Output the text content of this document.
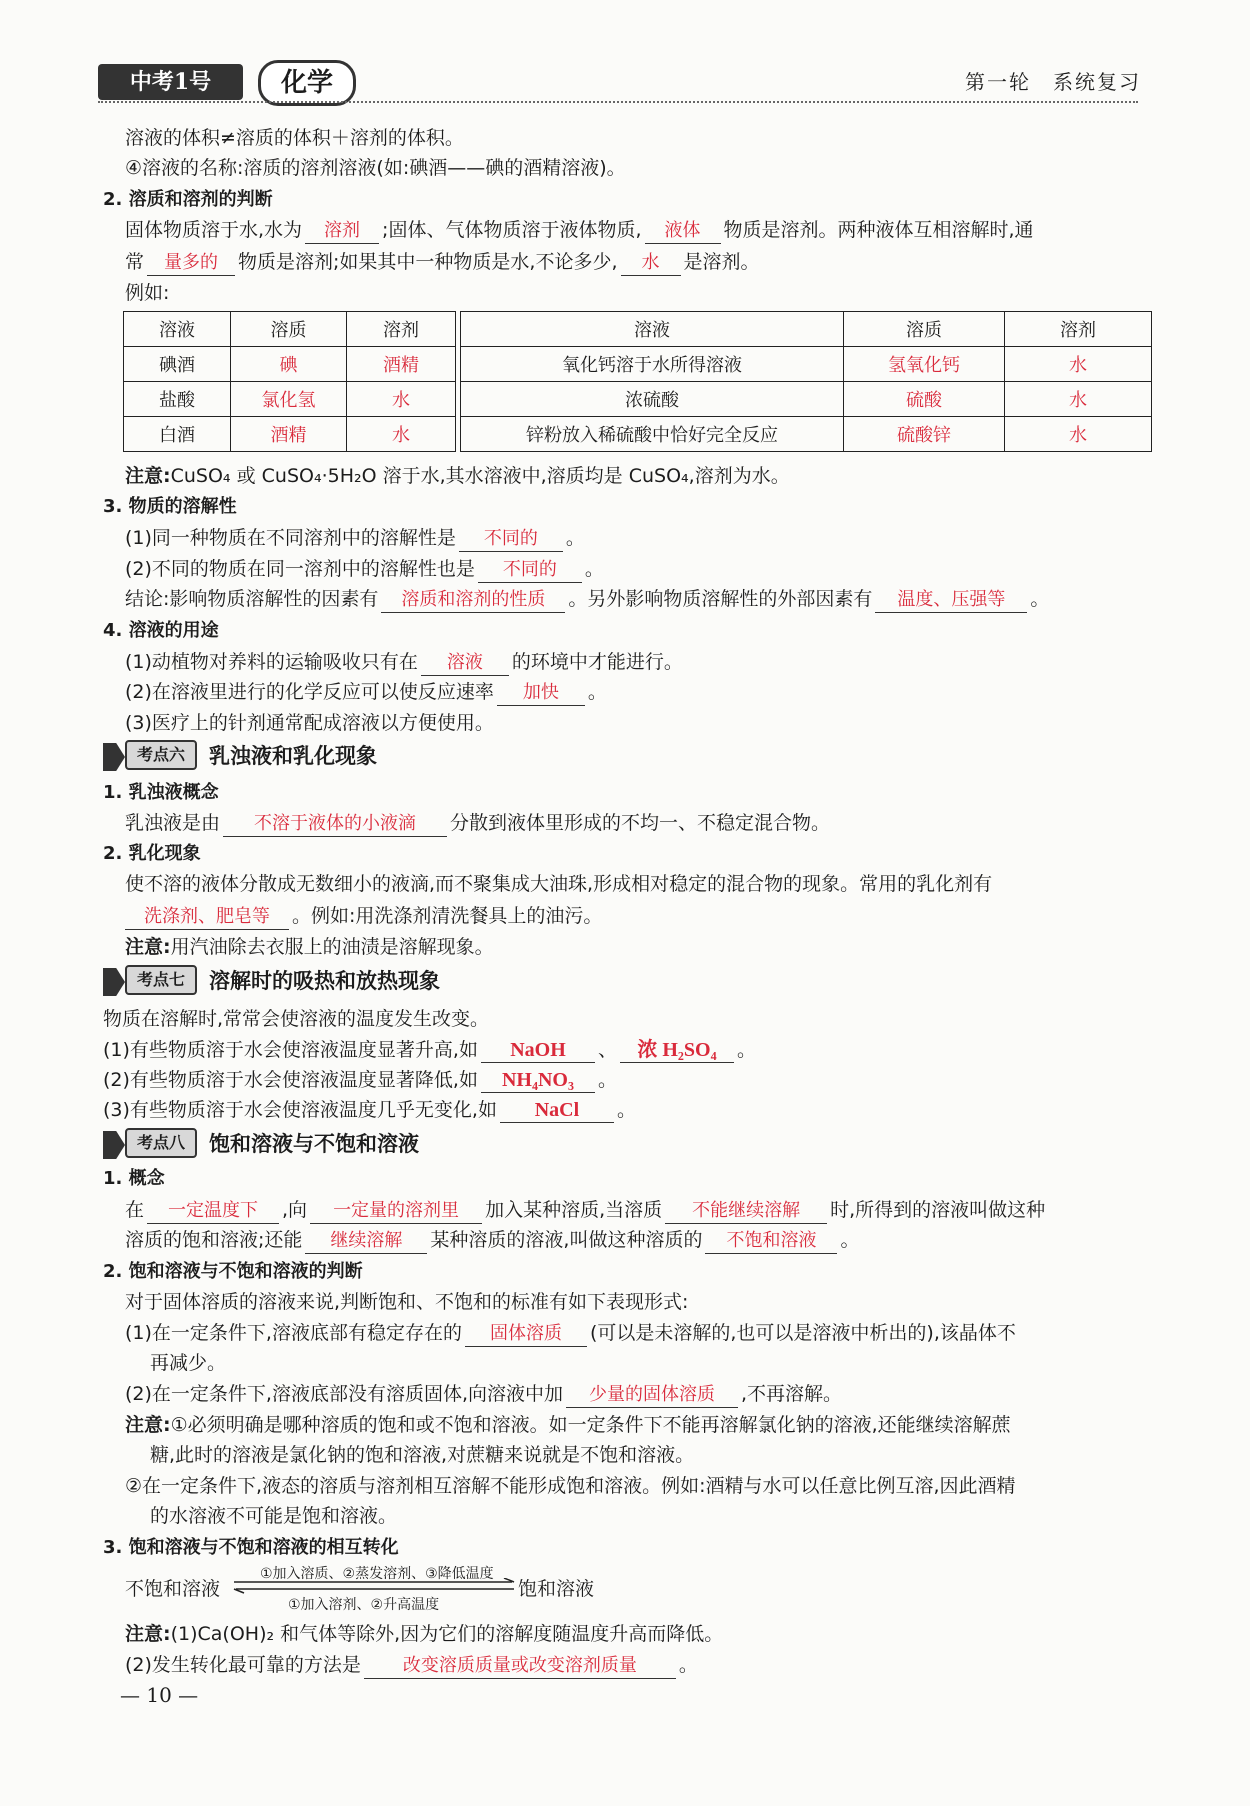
中考1号	化学	第一轮　系统复习
溶液的体积≠溶质的体积＋溶剂的体积。
④溶液的名称:溶质的溶剂溶液(如:碘酒——碘的酒精溶液)。
2. 溶质和溶剂的判断
固体物质溶于水,水为 溶剂 ;固体、气体物质溶于液体物质, 液体 物质是溶剂。两种液体互相溶解时,通
常 量多的 物质是溶剂;如果其中一种物质是水,不论多少, 水 是溶剂。
例如:
溶液	溶质	溶剂		溶液	溶质	溶剂
碘酒	碘	酒精		氧化钙溶于水所得溶液	氢氧化钙	水
盐酸	氯化氢	水		浓硫酸	硫酸	水
白酒	酒精	水		锌粉放入稀硫酸中恰好完全反应	硫酸锌	水
注意:CuSO₄ 或 CuSO₄·5H₂O 溶于水,其水溶液中,溶质均是 CuSO₄,溶剂为水。
3. 物质的溶解性
(1)同一种物质在不同溶剂中的溶解性是 不同的 。
(2)不同的物质在同一溶剂中的溶解性也是 不同的 。
结论:影响物质溶解性的因素有 溶质和溶剂的性质 。另外影响物质溶解性的外部因素有 温度、压强等 。
4. 溶液的用途
(1)动植物对养料的运输吸收只有在 溶液 的环境中才能进行。
(2)在溶液里进行的化学反应可以使反应速率 加快 。
(3)医疗上的针剂通常配成溶液以方便使用。
考点六 乳浊液和乳化现象
1. 乳浊液概念
乳浊液是由 不溶于液体的小液滴 分散到液体里形成的不均一、不稳定混合物。
2. 乳化现象
使不溶的液体分散成无数细小的液滴,而不聚集成大油珠,形成相对稳定的混合物的现象。常用的乳化剂有
洗涤剂、肥皂等 。例如:用洗涤剂清洗餐具上的油污。
注意:用汽油除去衣服上的油渍是溶解现象。
考点七 溶解时的吸热和放热现象
物质在溶解时,常常会使溶液的温度发生改变。
(1)有些物质溶于水会使溶液温度显著升高,如 NaOH 、 浓 H₂SO₄ 。
(2)有些物质溶于水会使溶液温度显著降低,如 NH₄NO₃ 。
(3)有些物质溶于水会使溶液温度几乎无变化,如 NaCl 。
考点八 饱和溶液与不饱和溶液
1. 概念
在 一定温度下 ,向 一定量的溶剂里 加入某种溶质,当溶质 不能继续溶解 时,所得到的溶液叫做这种
溶质的饱和溶液;还能 继续溶解 某种溶质的溶液,叫做这种溶质的 不饱和溶液 。
2. 饱和溶液与不饱和溶液的判断
对于固体溶质的溶液来说,判断饱和、不饱和的标准有如下表现形式:
(1)在一定条件下,溶液底部有稳定存在的 固体溶质 (可以是未溶解的,也可以是溶液中析出的),该晶体不
再减少。
(2)在一定条件下,溶液底部没有溶质固体,向溶液中加 少量的固体溶质 ,不再溶解。
注意:①必须明确是哪种溶质的饱和或不饱和溶液。如一定条件下不能再溶解氯化钠的溶液,还能继续溶解蔗
糖,此时的溶液是氯化钠的饱和溶液,对蔗糖来说就是不饱和溶液。
②在一定条件下,液态的溶质与溶剂相互溶解不能形成饱和溶液。例如:酒精与水可以任意比例互溶,因此酒精
的水溶液不可能是饱和溶液。
3. 饱和溶液与不饱和溶液的相互转化
不饱和溶液
①加入溶质、②蒸发溶剂、③降低温度
①加入溶剂、②升高温度
饱和溶液
注意:(1)Ca(OH)₂ 和气体等除外,因为它们的溶解度随温度升高而降低。
(2)发生转化最可靠的方法是 改变溶质质量或改变溶剂质量 。
— 10 —
